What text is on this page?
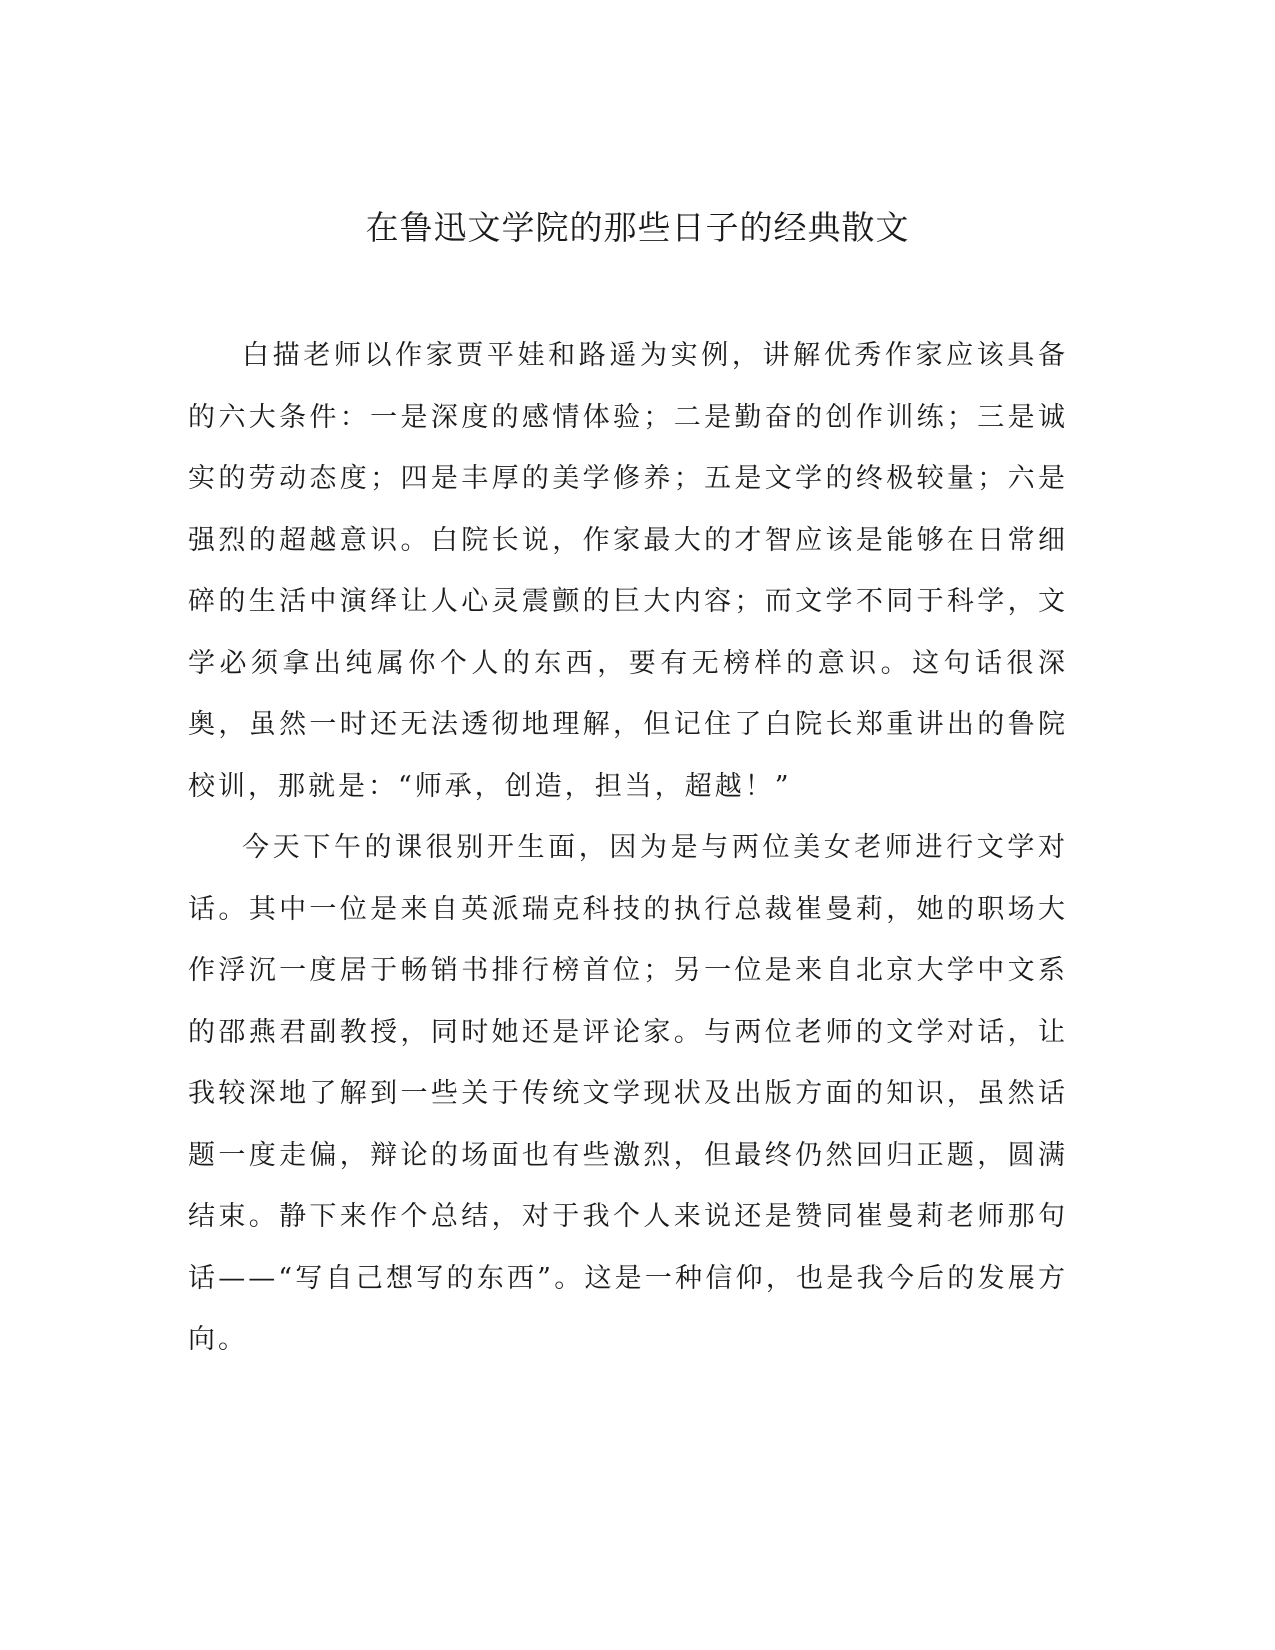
在鲁迅文学院的那些日子的经典散文

白描老师以作家贾平娃和路遥为实例，讲解优秀作家应该具备的六大条件：一是深度的感情体验；二是勤奋的创作训练；三是诚实的劳动态度；四是丰厚的美学修养；五是文学的终极较量；六是强烈的超越意识。白院长说，作家最大的才智应该是能够在日常细碎的生活中演绎让人心灵震颤的巨大内容；而文学不同于科学，文学必须拿出纯属你个人的东西，要有无榜样的意识。这句话很深奥，虽然一时还无法透彻地理解，但记住了白院长郑重讲出的鲁院校训，那就是：“师承，创造，担当，超越！”

今天下午的课很别开生面，因为是与两位美女老师进行文学对话。其中一位是来自英派瑞克科技的执行总裁崔曼莉，她的职场大作浮沉一度居于畅销书排行榜首位；另一位是来自北京大学中文系的邵燕君副教授，同时她还是评论家。与两位老师的文学对话，让我较深地了解到一些关于传统文学现状及出版方面的知识，虽然话题一度走偏，辩论的场面也有些激烈，但最终仍然回归正题，圆满结束。静下来作个总结，对于我个人来说还是赞同崔曼莉老师那句话——“写自己想写的东西”。这是一种信仰，也是我今后的发展方向。
